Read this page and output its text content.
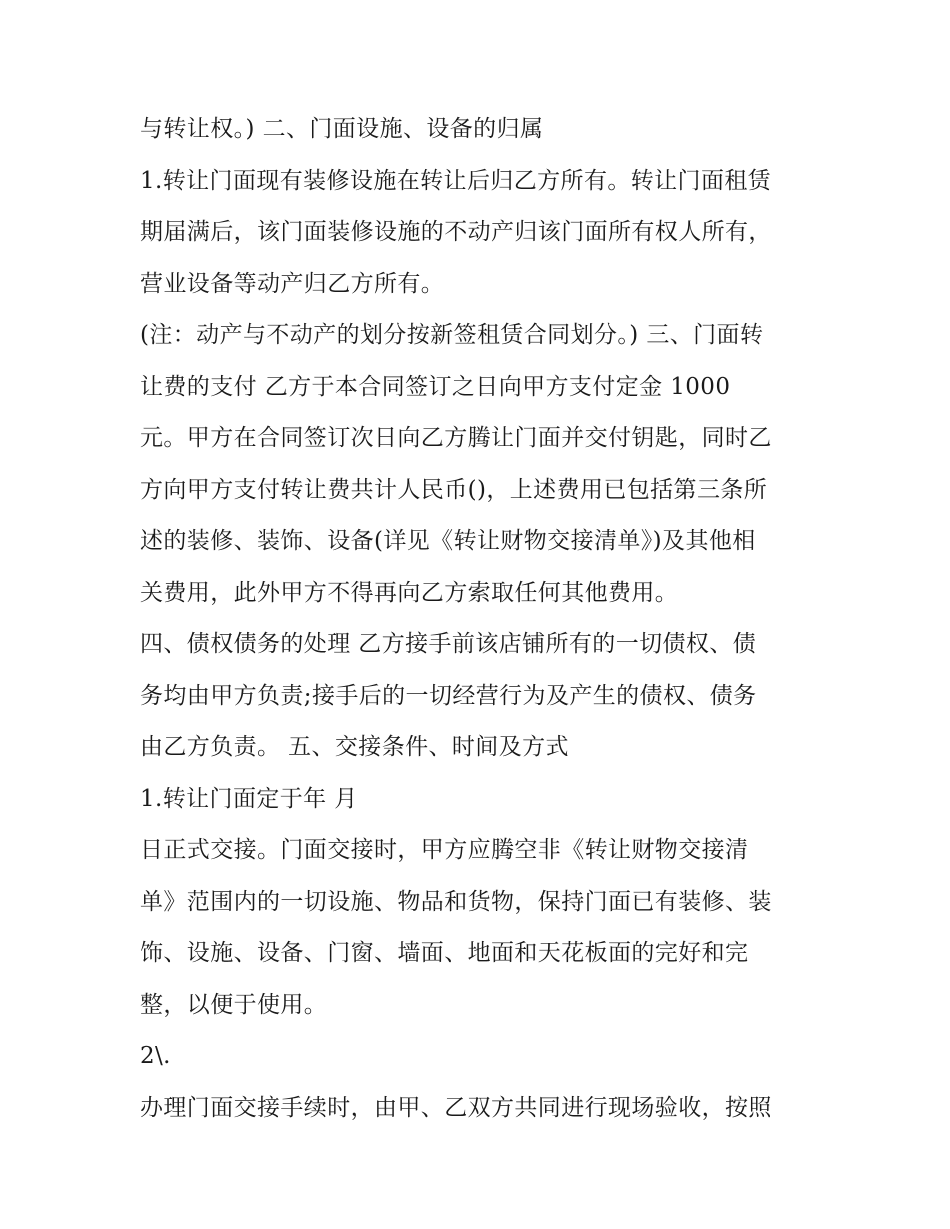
与转让权。) 二、门面设施、设备的归属
1.转让门面现有装修设施在转让后归乙方所有。转让门面租赁
期届满后，该门面装修设施的不动产归该门面所有权人所有，
营业设备等动产归乙方所有。
(注：动产与不动产的划分按新签租赁合同划分。) 三、门面转
让费的支付 乙方于本合同签订之日向甲方支付定金 1000
元。甲方在合同签订次日向乙方腾让门面并交付钥匙，同时乙
方向甲方支付转让费共计人民币()，上述费用已包括第三条所
述的装修、装饰、设备(详见《转让财物交接清单》)及其他相
关费用，此外甲方不得再向乙方索取任何其他费用。
四、债权债务的处理 乙方接手前该店铺所有的一切债权、债
务均由甲方负责;接手后的一切经营行为及产生的债权、债务
由乙方负责。 五、交接条件、时间及方式
1.转让门面定于年 月
日正式交接。门面交接时，甲方应腾空非《转让财物交接清
单》范围内的一切设施、物品和货物，保持门面已有装修、装
饰、设施、设备、门窗、墙面、地面和天花板面的完好和完
整，以便于使用。
2\.
办理门面交接手续时，由甲、乙双方共同进行现场验收，按照
